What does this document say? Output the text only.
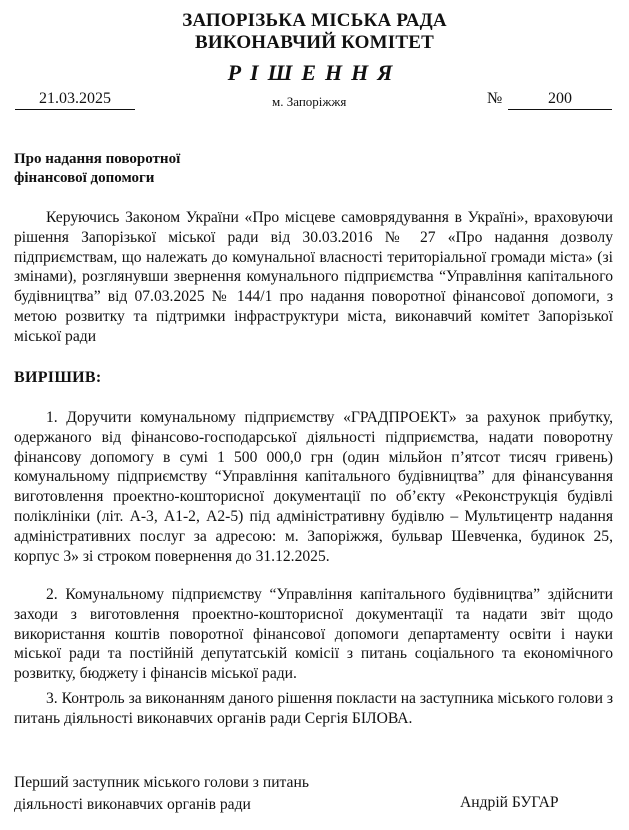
ЗАПОРІЗЬКА МІСЬКА РАДА
ВИКОНАВЧИЙ КОМІТЕТ
РІШЕННЯ
21.03.2025	м. Запоріжжя	№	200
Про надання поворотної
фінансової допомоги
Керуючись Законом України «Про місцеве самоврядування в Україні», враховуючи рішення Запорізької міської ради від 30.03.2016 № 27 «Про надання дозволу підприємствам, що належать до комунальної власності територіальної громади міста» (зі змінами), розглянувши звернення комунального підприємства “Управління капітального будівництва” від 07.03.2025 № 144/1 про надання поворотної фінансової допомоги, з метою розвитку та підтримки інфраструктури міста, виконавчий комітет Запорізької міської ради
ВИРІШИВ:
1. Доручити комунальному підприємству «ГРАДПРОЕКТ» за рахунок прибутку, одержаного від фінансово-господарської діяльності підприємства, надати поворотну фінансову допомогу в сумі 1 500 000,0 грн (один мільйон п’ятсот тисяч гривень) комунальному підприємству “Управління капітального будівництва” для фінансування виготовлення проектно-кошторисної документації по об’єкту «Реконструкція будівлі поліклініки (літ. А-3, А1-2, А2-5) під адміністративну будівлю – Мультицентр надання адміністративних послуг за адресою: м. Запоріжжя, бульвар Шевченка, будинок 25, корпус 3» зі строком повернення до 31.12.2025.
2. Комунальному підприємству “Управління капітального будівництва” здійснити заходи з виготовлення проектно-кошторисної документації та надати звіт щодо використання коштів поворотної фінансової допомоги департаменту освіти і науки міської ради та постійній депутатській комісії з питань соціального та економічного розвитку, бюджету і фінансів міської ради.
3. Контроль за виконанням даного рішення покласти на заступника міського голови з питань діяльності виконавчих органів ради Сергія БІЛОВА.
Перший заступник міського голови з питань
діяльності виконавчих органів ради	Андрій БУГАР
